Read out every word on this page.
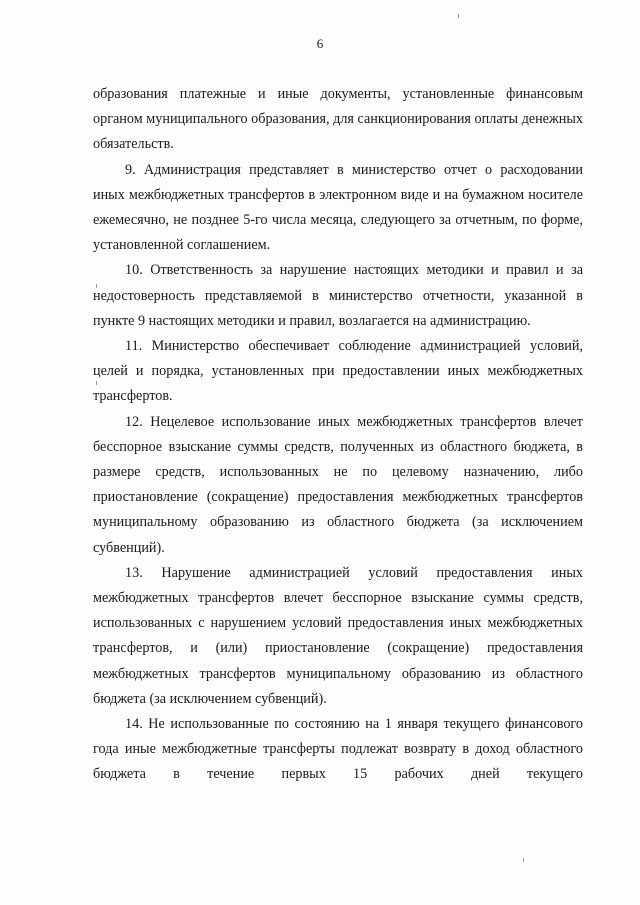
6

образования платежные и иные документы, установленные финансовым органом муниципального образования, для санкционирования оплаты денежных обязательств.

9. Администрация представляет в министерство отчет о расходовании иных межбюджетных трансфертов в электронном виде и на бумажном носителе ежемесячно, не позднее 5-го числа месяца, следующего за отчетным, по форме, установленной соглашением.

10. Ответственность за нарушение настоящих методики и правил и за недостоверность представляемой в министерство отчетности, указанной в пункте 9 настоящих методики и правил, возлагается на администрацию.

11. Министерство обеспечивает соблюдение администрацией условий, целей и порядка, установленных при предоставлении иных межбюджетных трансфертов.

12. Нецелевое использование иных межбюджетных трансфертов влечет бесспорное взыскание суммы средств, полученных из областного бюджета, в размере средств, использованных не по целевому назначению, либо приостановление (сокращение) предоставления межбюджетных трансфертов муниципальному образованию из областного бюджета (за исключением субвенций).

13. Нарушение администрацией условий предоставления иных межбюджетных трансфертов влечет бесспорное взыскание суммы средств, использованных с нарушением условий предоставления иных межбюджетных трансфертов, и (или) приостановление (сокращение) предоставления межбюджетных трансфертов муниципальному образованию из областного бюджета (за исключением субвенций).

14. Не использованные по состоянию на 1 января текущего финансового года иные межбюджетные трансферты подлежат возврату в доход областного бюджета в течение первых 15 рабочих дней текущего
